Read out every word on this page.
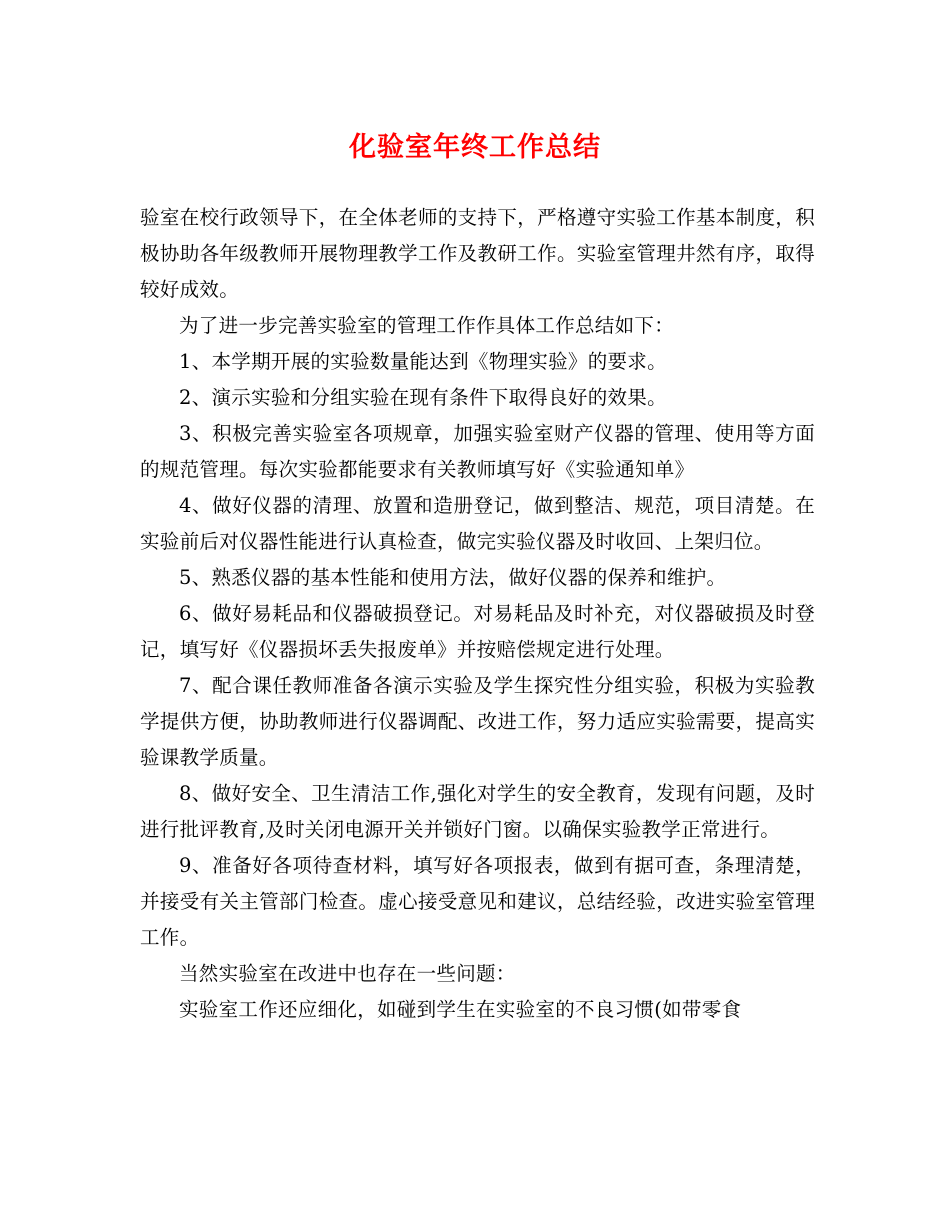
化验室年终工作总结

验室在校行政领导下，在全体老师的支持下，严格遵守实验工作基本制度，积极协助各年级教师开展物理教学工作及教研工作。实验室管理井然有序，取得较好成效。

为了进一步完善实验室的管理工作作具体工作总结如下：

1、本学期开展的实验数量能达到《物理实验》的要求。

2、演示实验和分组实验在现有条件下取得良好的效果。

3、积极完善实验室各项规章，加强实验室财产仪器的管理、使用等方面的规范管理。每次实验都能要求有关教师填写好《实验通知单》

4、做好仪器的清理、放置和造册登记，做到整洁、规范，项目清楚。在实验前后对仪器性能进行认真检查，做完实验仪器及时收回、上架归位。

5、熟悉仪器的基本性能和使用方法，做好仪器的保养和维护。

6、做好易耗品和仪器破损登记。对易耗品及时补充，对仪器破损及时登记，填写好《仪器损坏丢失报废单》并按赔偿规定进行处理。

7、配合课任教师准备各演示实验及学生探究性分组实验，积极为实验教学提供方便，协助教师进行仪器调配、改进工作，努力适应实验需要，提高实验课教学质量。

8、做好安全、卫生清洁工作,强化对学生的安全教育，发现有问题，及时进行批评教育,及时关闭电源开关并锁好门窗。以确保实验教学正常进行。

9、准备好各项待查材料，填写好各项报表，做到有据可查，条理清楚，并接受有关主管部门检查。虚心接受意见和建议，总结经验，改进实验室管理工作。

当然实验室在改进中也存在一些问题：

实验室工作还应细化，如碰到学生在实验室的不良习惯(如带零食
